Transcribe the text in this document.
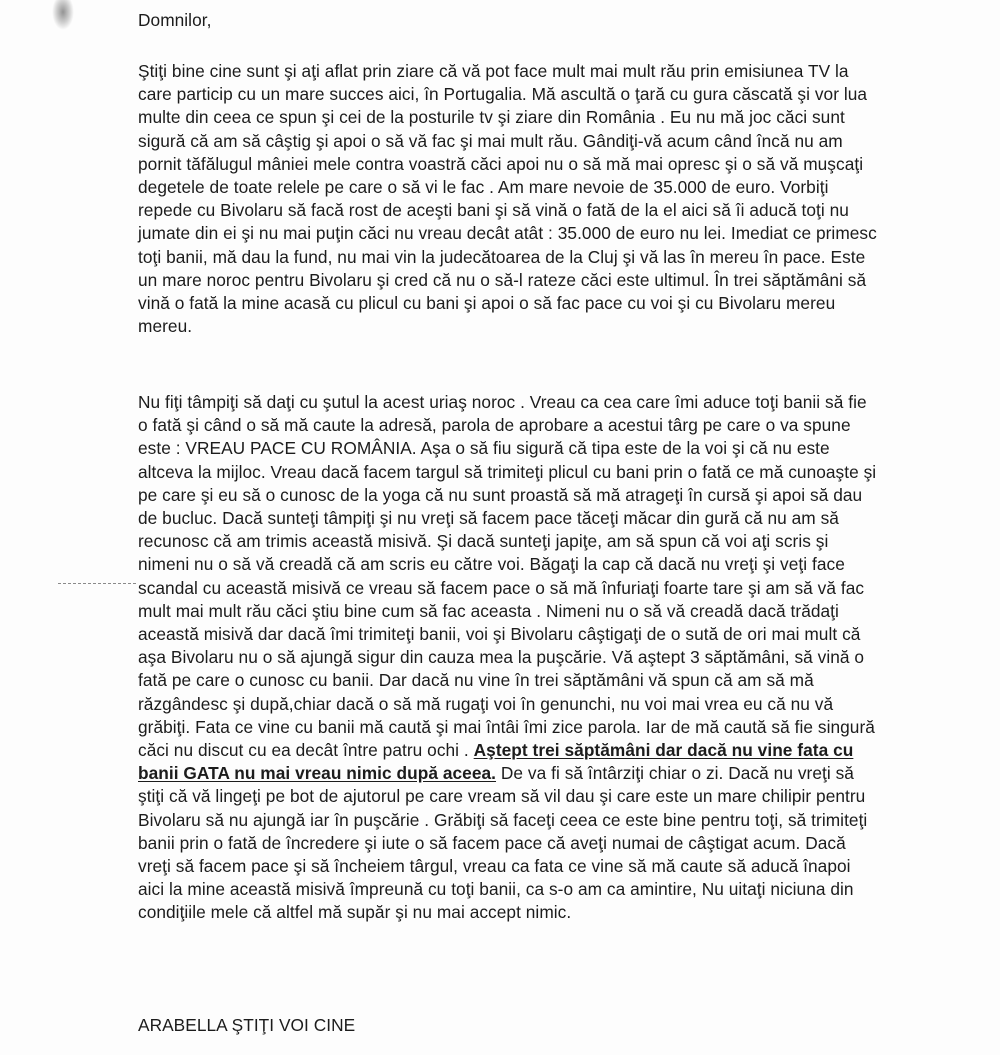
Domnilor,
Ştiţi bine cine sunt şi aţi aflat prin ziare că vă pot face mult mai mult rău prin emisiunea TV la
care particip cu un mare succes aici, în Portugalia. Mă ascultă o ţară cu gura căscată şi vor lua
multe din ceea ce spun şi cei de la posturile tv şi ziare din România . Eu nu mă joc căci sunt
sigură că am să câştig şi apoi o să vă fac şi mai mult rău. Gândiţi-vă acum când încă nu am
pornit tăfălugul mâniei mele contra voastră căci apoi nu o să mă mai opresc şi o să vă muşcaţi
degetele de toate relele pe care o să vi le fac . Am mare nevoie de 35.000 de euro. Vorbiţi
repede cu Bivolaru să facă rost de aceşti bani şi să vină o fată de la el aici să îi aducă toţi nu
jumate din ei şi nu mai puţin căci nu vreau decât atât : 35.000 de euro nu lei. Imediat ce primesc
toţi banii, mă dau la fund, nu mai vin la judecătoarea de la Cluj şi vă las în mereu în pace. Este
un mare noroc pentru Bivolaru şi cred că nu o să-l rateze căci este ultimul. În trei săptămâni să
vină o fată la mine acasă cu plicul cu bani şi apoi o să fac pace cu voi şi cu Bivolaru mereu
mereu.
Nu fiţi tâmpiţi să daţi cu şutul la acest uriaş noroc . Vreau ca cea care îmi aduce toţi banii să fie
o fată şi când o să mă caute la adresă, parola de aprobare a acestui târg pe care o va spune
este : VREAU PACE CU ROMÂNIA. Aşa o să fiu sigură că tipa este de la voi şi că nu este
altceva la mijloc. Vreau dacă facem targul să trimiteţi plicul cu bani prin o fată ce mă cunoaşte şi
pe care şi eu să o cunosc de la yoga că nu sunt proastă să mă atrageţi în cursă şi apoi să dau
de bucluc. Dacă sunteţi tâmpiţi şi nu vreţi să facem pace tăceţi măcar din gură că nu am să
recunosc că am trimis această misivă. Şi dacă sunteţi japiţe, am să spun că voi aţi scris şi
nimeni nu o să vă creadă că am scris eu către voi. Băgaţi la cap că dacă nu vreţi şi veţi face
scandal cu această misivă ce vreau să facem pace o să mă înfuriaţi foarte tare şi am să vă fac
mult mai mult rău căci ştiu bine cum să fac aceasta . Nimeni nu o să vă creadă dacă trădaţi
această misivă dar dacă îmi trimiteţi banii, voi şi Bivolaru câştigaţi de o sută de ori mai mult că
aşa Bivolaru nu o să ajungă sigur din cauza mea la puşcărie. Vă aştept 3 săptămâni, să vină o
fată pe care o cunosc cu banii. Dar dacă nu vine în trei săptămâni vă spun că am să mă
răzgândesc şi după,chiar dacă o să mă rugaţi voi în genunchi, nu voi mai vrea eu că nu vă
grăbiţi. Fata ce vine cu banii mă caută şi mai întâi îmi zice parola. Iar de mă caută să fie singură
căci nu discut cu ea decât între patru ochi . Aştept trei săptămâni dar dacă nu vine fata cu
banii GATA nu mai vreau nimic după aceea. De va fi să întârziţi chiar o zi. Dacă nu vreţi să
ştiţi că vă lingeţi pe bot de ajutorul pe care vream să vil dau şi care este un mare chilipir pentru
Bivolaru să nu ajungă iar în puşcărie . Grăbiţi să faceţi ceea ce este bine pentru toţi, să trimiteţi
banii prin o fată de încredere şi iute o să facem pace că aveţi numai de câştigat acum. Dacă
vreţi să facem pace şi să încheiem târgul, vreau ca fata ce vine să mă caute să aducă înapoi
aici la mine această misivă împreună cu toţi banii, ca s-o am ca amintire, Nu uitaţi niciuna din
condiţiile mele că altfel mă supăr şi nu mai accept nimic.
ARABELLA ŞTIŢI VOI CINE
